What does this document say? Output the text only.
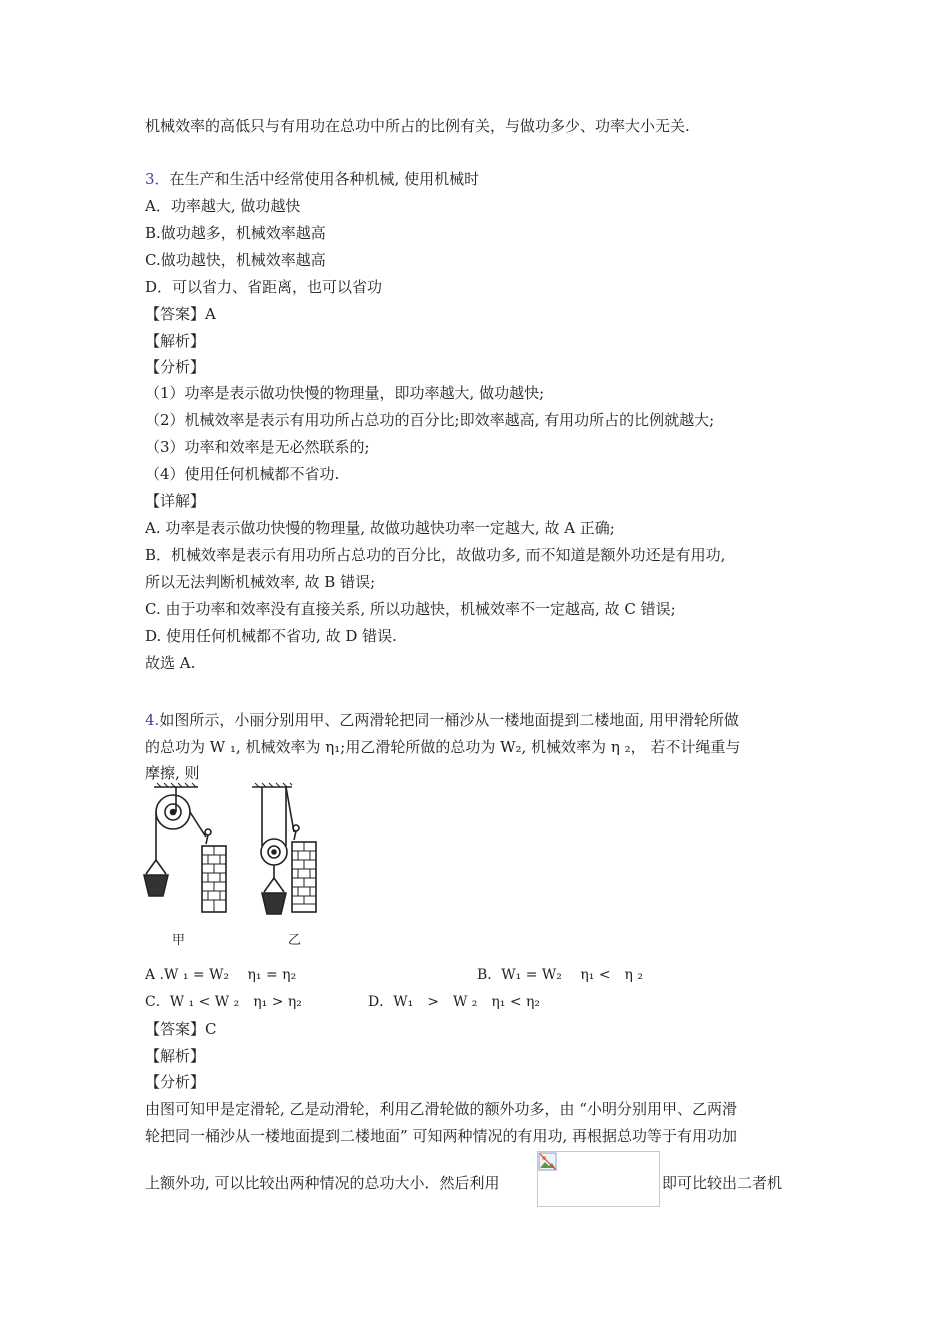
机械效率的高低只与有用功在总功中所占的比例有关，与做功多少、功率大小无关.
3．在生产和生活中经常使用各种机械, 使用机械时
A．功率越大, 做功越快
B.做功越多，机械效率越高
C.做功越快，机械效率越高
D．可以省力、省距离，也可以省功
【答案】A
【解析】
【分析】
（1）功率是表示做功快慢的物理量，即功率越大, 做功越快;
（2）机械效率是表示有用功所占总功的百分比;即效率越高, 有用功所占的比例就越大;
（3）功率和效率是无必然联系的;
（4）使用任何机械都不省功.
【详解】
A. 功率是表示做功快慢的物理量, 故做功越快功率一定越大, 故 A 正确;
B．机械效率是表示有用功所占总功的百分比，故做功多, 而不知道是额外功还是有用功,
所以无法判断机械效率, 故 B 错误;
C. 由于功率和效率没有直接关系, 所以功越快，机械效率不一定越高, 故 C 错误;
D. 使用任何机械都不省功, 故 D 错误.
故选 A.
4.如图所示，小丽分别用甲、乙两滑轮把同一桶沙从一楼地面提到二楼地面, 用甲滑轮所做
的总功为 W ₁, 机械效率为 η₁;用乙滑轮所做的总功为 W₂, 机械效率为 η ₂， 若不计绳重与
摩擦, 则
甲	乙
A .W ₁ = W₂　 η₁ = η₂	B．W₁ = W₂　 η₁ <　η ₂
C．W ₁ < W ₂　η₁ > η₂	D．W₁　>　W ₂　η₁ < η₂
【答案】C
【解析】
【分析】
由图可知甲是定滑轮, 乙是动滑轮，利用乙滑轮做的额外功多，由 “小明分别用甲、乙两滑
轮把同一桶沙从一楼地面提到二楼地面” 可知两种情况的有用功, 再根据总功等于有用功加
上额外功, 可以比较出两种情况的总功大小．然后利用	即可比较出二者机
